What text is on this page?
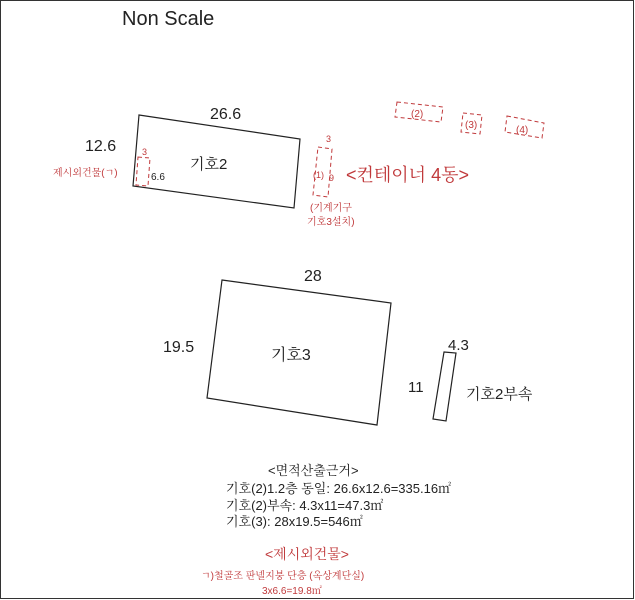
Non Scale
26.6
12.6
기호2
제시외건물(ㄱ)
3
6.6
3
(1) 9
(2)
(3)	(4)
<컨테이너 4동>
(기계기구
기호3설치)
28
19.5	기호3
4.3
11	기호2부속
<면적산출근거>
기호(2)1.2층 동일: 26.6x12.6=335.16㎡
기호(2)부속: 4.3x11=47.3㎡
기호(3): 28x19.5=546㎡
<제시외건물>
ㄱ)철골조 판넬지붕 단층 (옥상계단실)
3x6.6=19.8㎡
